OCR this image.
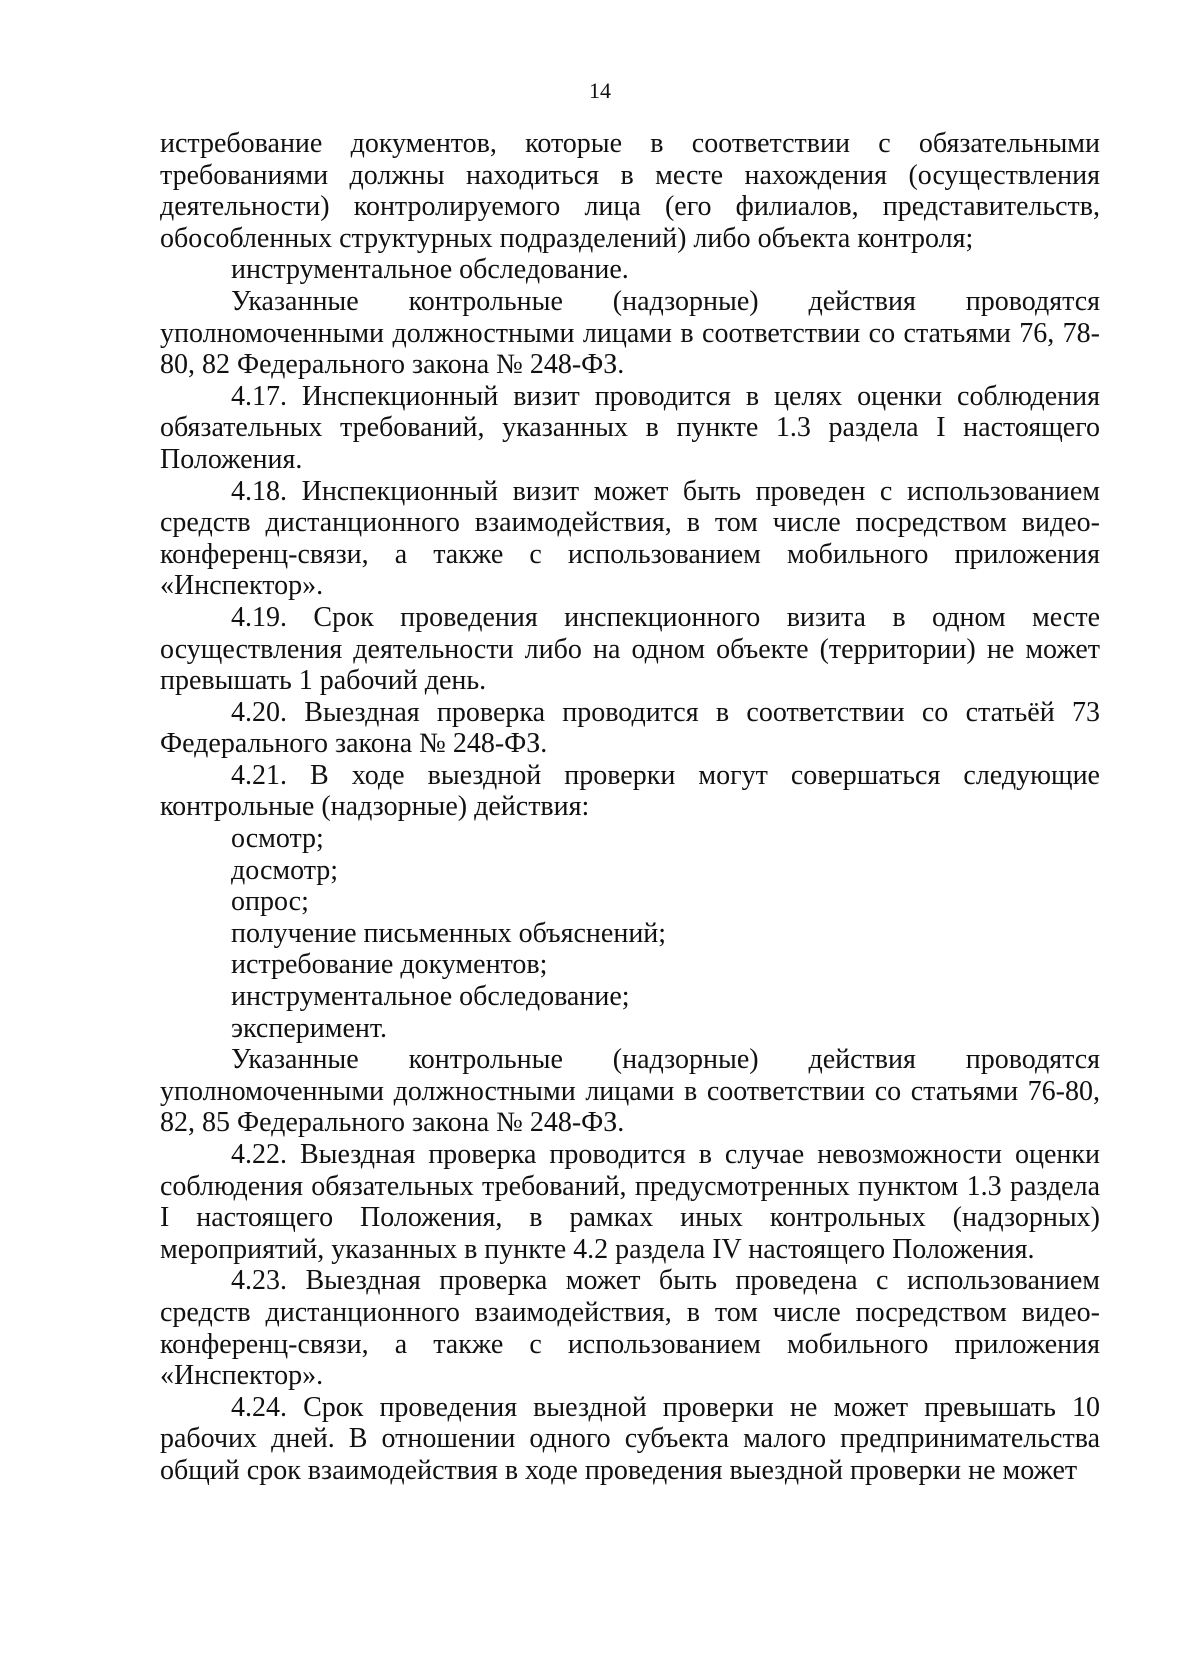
14

истребование документов, которые в соответствии с обязательными требованиями должны находиться в месте нахождения (осуществления деятельности) контролируемого лица (его филиалов, представительств, обособленных структурных подразделений) либо объекта контроля;

инструментальное обследование.

Указанные контрольные (надзорные) действия проводятся уполномоченными должностными лицами в соответствии со статьями 76, 78-80, 82 Федерального закона № 248-ФЗ.

4.17. Инспекционный визит проводится в целях оценки соблюдения обязательных требований, указанных в пункте 1.3 раздела I настоящего Положения.

4.18. Инспекционный визит может быть проведен с использованием средств дистанционного взаимодействия, в том числе посредством видео-конференц-связи, а также с использованием мобильного приложения «Инспектор».

4.19. Срок проведения инспекционного визита в одном месте осуществления деятельности либо на одном объекте (территории) не может превышать 1 рабочий день.

4.20. Выездная проверка проводится в соответствии со статьёй 73 Федерального закона № 248-ФЗ.

4.21. В ходе выездной проверки могут совершаться следующие контрольные (надзорные) действия:

осмотр;

досмотр;

опрос;

получение письменных объяснений;

истребование документов;

инструментальное обследование;

эксперимент.

Указанные контрольные (надзорные) действия проводятся уполномоченными должностными лицами в соответствии со статьями 76-80, 82, 85 Федерального закона № 248-ФЗ.

4.22. Выездная проверка проводится в случае невозможности оценки соблюдения обязательных требований, предусмотренных пунктом 1.3 раздела I настоящего Положения, в рамках иных контрольных (надзорных) мероприятий, указанных в пункте 4.2 раздела IV настоящего Положения.

4.23. Выездная проверка может быть проведена с использованием средств дистанционного взаимодействия, в том числе посредством видео-конференц-связи, а также с использованием мобильного приложения «Инспектор».

4.24. Срок проведения выездной проверки не может превышать 10 рабочих дней. В отношении одного субъекта малого предпринимательства общий срок взаимодействия в ходе проведения выездной проверки не может
